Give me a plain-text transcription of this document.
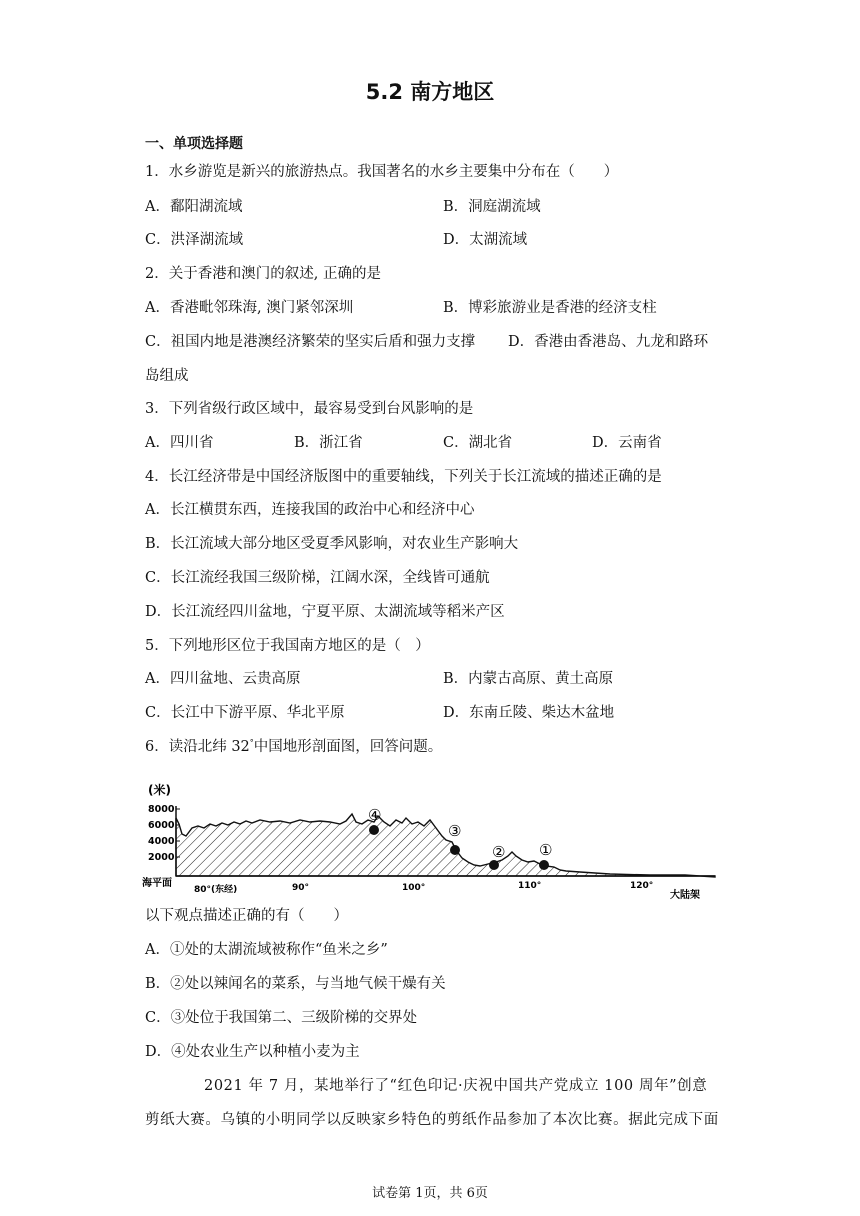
5.2 南方地区
一、单项选择题
1．水乡游览是新兴的旅游热点。我国著名的水乡主要集中分布在（　　）
A．鄱阳湖流域	B．洞庭湖流域
C．洪泽湖流域	D．太湖流域
2．关于香港和澳门的叙述, 正确的是
A．香港毗邻珠海, 澳门紧邻深圳	B．博彩旅游业是香港的经济支柱
C．祖国内地是港澳经济繁荣的坚实后盾和强力支撑 D．香港由香港岛、九龙和路环
岛组成
3．下列省级行政区域中，最容易受到台风影响的是
A．四川省	B．浙江省	C．湖北省	D．云南省
4．长江经济带是中国经济版图中的重要轴线，下列关于长江流域的描述正确的是
A．长江横贯东西，连接我国的政治中心和经济中心
B．长江流域大部分地区受夏季风影响，对农业生产影响大
C．长江流经我国三级阶梯，江阔水深，全线皆可通航
D．长江流经四川盆地，宁夏平原、太湖流域等稻米产区
5．下列地形区位于我国南方地区的是（　）
A．四川盆地、云贵高原	B．内蒙古高原、黄土高原
C．长江中下游平原、华北平原	D．东南丘陵、柴达木盆地
6．读沿北纬 32°中国地形剖面图，回答问题。
(米)
8000
6000
4000
2000
④
③
② ①
海平面
80°(东经)	90°	100°	110°	120°
大陆架
以下观点描述正确的有（　　）
A．①处的太湖流域被称作“鱼米之乡”
B．②处以辣闻名的菜系，与当地气候干燥有关
C．③处位于我国第二、三级阶梯的交界处
D．④处农业生产以种植小麦为主
2021 年 7 月，某地举行了“红色印记·庆祝中国共产党成立 100 周年”创意
剪纸大赛。乌镇的小明同学以反映家乡特色的剪纸作品参加了本次比赛。据此完成下面
试卷第 1页，共 6页
